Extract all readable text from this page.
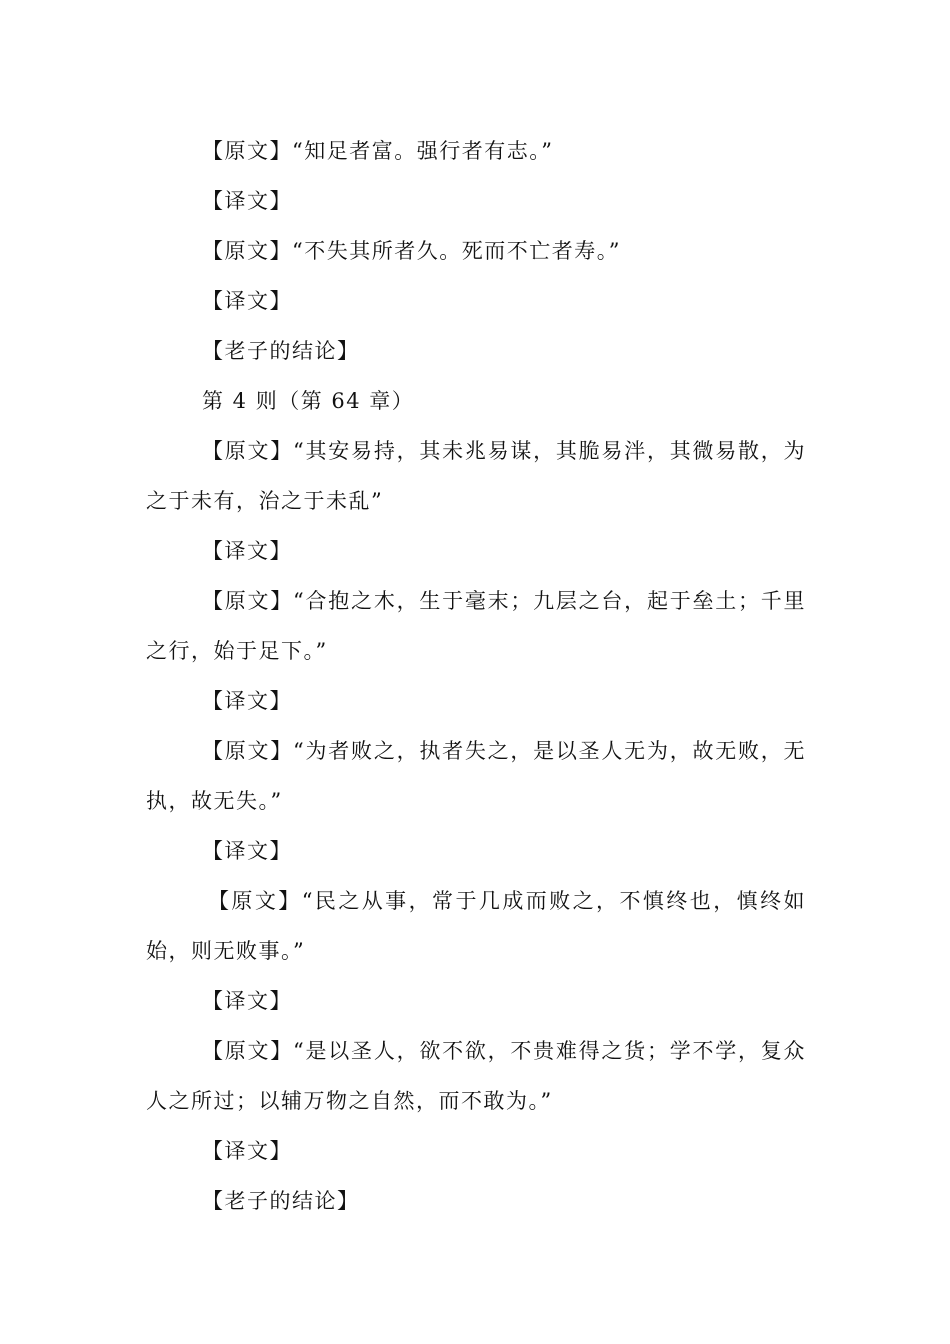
【原文】“知足者富。强行者有志。”

【译文】

【原文】“不失其所者久。死而不亡者寿。”

【译文】

【老子的结论】

第 4 则（第 64 章）

【原文】“其安易持，其未兆易谋，其脆易泮，其微易散，为之于未有，治之于未乱”

【译文】

【原文】“合抱之木，生于毫末；九层之台，起于垒土；千里之行，始于足下。”

【译文】

【原文】“为者败之，执者失之，是以圣人无为，故无败，无执，故无失。”

【译文】

【原文】“民之从事，常于几成而败之，不慎终也，慎终如始，则无败事。”

【译文】

【原文】“是以圣人，欲不欲，不贵难得之货；学不学，复众人之所过；以辅万物之自然，而不敢为。”

【译文】

【老子的结论】
